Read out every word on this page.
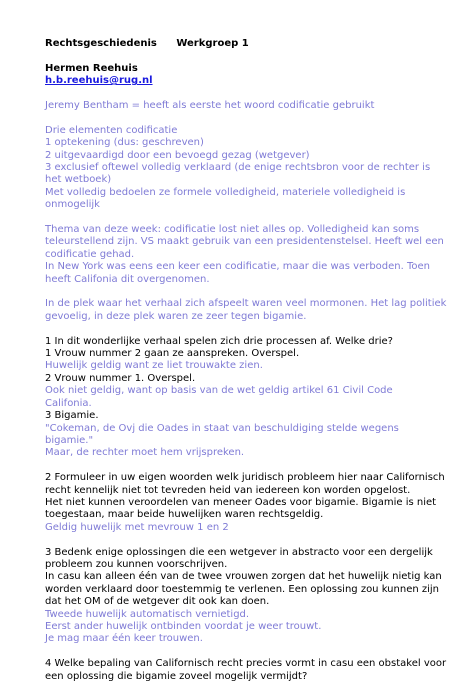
Rechtsgeschiedenis Werkgroep 1
Hermen Reehuis
h.b.reehuis@rug.nl
Jeremy Bentham = heeft als eerste het woord codificatie gebruikt
Drie elementen codificatie
1 optekening (dus: geschreven)
2 uitgevaardigd door een bevoegd gezag (wetgever)
3 exclusief oftewel volledig verklaard (de enige rechtsbron voor de rechter is
het wetboek)
Met volledig bedoelen ze formele volledigheid, materiele volledigheid is
onmogelijk
Thema van deze week: codificatie lost niet alles op. Volledigheid kan soms
teleurstellend zijn. VS maakt gebruik van een presidentenstelsel. Heeft wel een
codificatie gehad.
In New York was eens een keer een codificatie, maar die was verboden. Toen
heeft Califonia dit overgenomen.
In de plek waar het verhaal zich afspeelt waren veel mormonen. Het lag politiek
gevoelig, in deze plek waren ze zeer tegen bigamie.
1 In dit wonderlijke verhaal spelen zich drie processen af. Welke drie?
1 Vrouw nummer 2 gaan ze aanspreken. Overspel.
Huwelijk geldig want ze liet trouwakte zien.
2 Vrouw nummer 1. Overspel.
Ook niet geldig, want op basis van de wet geldig artikel 61 Civil Code
Califonia.
3 Bigamie.
"Cokeman, de Ovj die Oades in staat van beschuldiging stelde wegens
bigamie."
Maar, de rechter moet hem vrijspreken.
2 Formuleer in uw eigen woorden welk juridisch probleem hier naar Californisch
recht kennelijk niet tot tevreden heid van iedereen kon worden opgelost.
Het niet kunnen veroordelen van meneer Oades voor bigamie. Bigamie is niet
toegestaan, maar beide huwelijken waren rechtsgeldig.
Geldig huwelijk met mevrouw 1 en 2
3 Bedenk enige oplossingen die een wetgever in abstracto voor een dergelijk
probleem zou kunnen voorschrijven.
In casu kan alleen één van de twee vrouwen zorgen dat het huwelijk nietig kan
worden verklaard door toestemmig te verlenen. Een oplossing zou kunnen zijn
dat het OM of de wetgever dit ook kan doen.
Tweede huwelijk automatisch vernietigd.
Eerst ander huwelijk ontbinden voordat je weer trouwt.
Je mag maar één keer trouwen.
4 Welke bepaling van Californisch recht precies vormt in casu een obstakel voor
een oplossing die bigamie zoveel mogelijk vermijdt?
